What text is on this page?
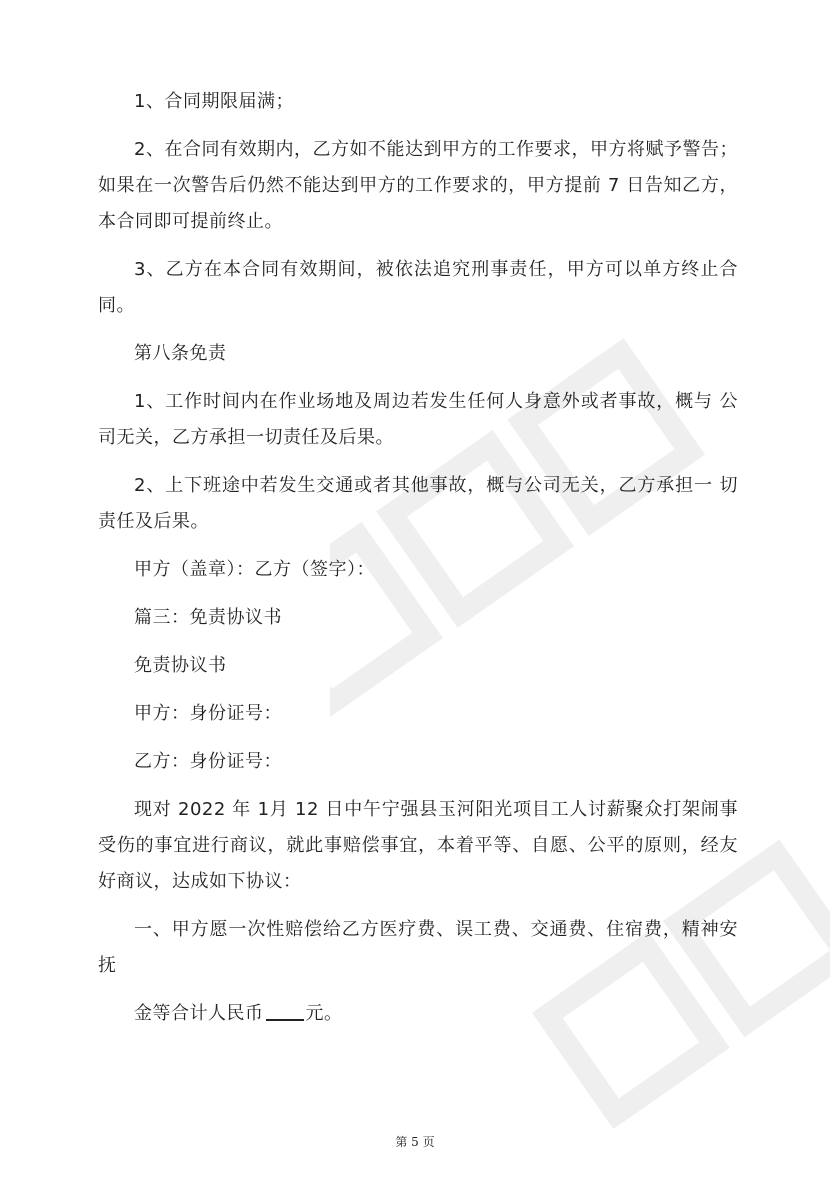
1、合同期限届满；

2、在合同有效期内，乙方如不能达到甲方的工作要求，甲方将赋予警告；如果在一次警告后仍然不能达到甲方的工作要求的，甲方提前 7 日告知乙方，本合同即可提前终止。

3、乙方在本合同有效期间，被依法追究刑事责任，甲方可以单方终止合同。

第八条免责

1、工作时间内在作业场地及周边若发生任何人身意外或者事故，概与 公司无关，乙方承担一切责任及后果。

2、上下班途中若发生交通或者其他事故，概与公司无关，乙方承担一 切责任及后果。

甲方（盖章）：乙方（签字）：

篇三：免责协议书

免责协议书

甲方：身份证号：

乙方：身份证号：

现对 2022 年 1月 12 日中午宁强县玉河阳光项目工人讨薪聚众打架闹事受伤的事宜进行商议，就此事赔偿事宜，本着平等、自愿、公平的原则，经友好商议，达成如下协议：

一、甲方愿一次性赔偿给乙方医疗费、误工费、交通费、住宿费，精神安抚

金等合计人民币 元。

第 5 页
